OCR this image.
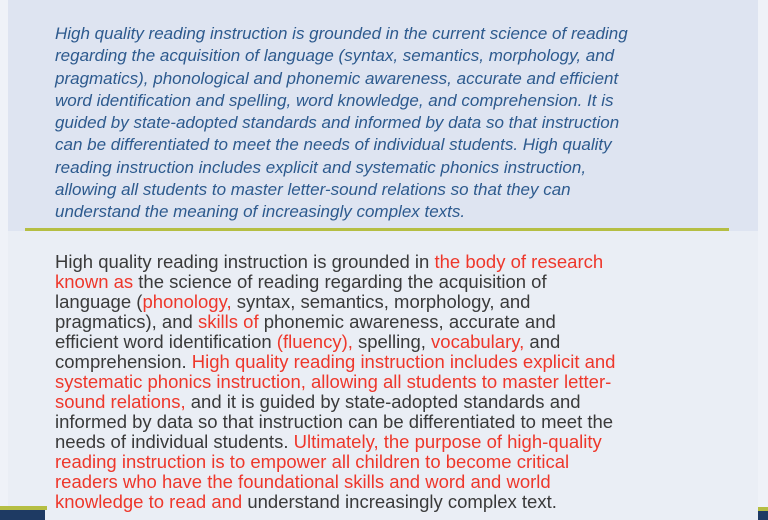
High quality reading instruction is grounded in the current science of reading
regarding the acquisition of language (syntax, semantics, morphology, and
pragmatics), phonological and phonemic awareness, accurate and efficient
word identification and spelling, word knowledge, and comprehension. It is
guided by state-adopted standards and informed by data so that instruction
can be differentiated to meet the needs of individual students. High quality
reading instruction includes explicit and systematic phonics instruction,
allowing all students to master letter-sound relations so that they can
understand the meaning of increasingly complex texts.
High quality reading instruction is grounded in the body of research
known as the science of reading regarding the acquisition of
language (phonology, syntax, semantics, morphology, and
pragmatics), and skills of phonemic awareness, accurate and
efficient word identification (fluency), spelling, vocabulary, and
comprehension. High quality reading instruction includes explicit and
systematic phonics instruction, allowing all students to master letter-
sound relations, and it is guided by state-adopted standards and
informed by data so that instruction can be differentiated to meet the
needs of individual students. Ultimately, the purpose of high-quality
reading instruction is to empower all children to become critical
readers who have the foundational skills and word and world
knowledge to read and understand increasingly complex text.
